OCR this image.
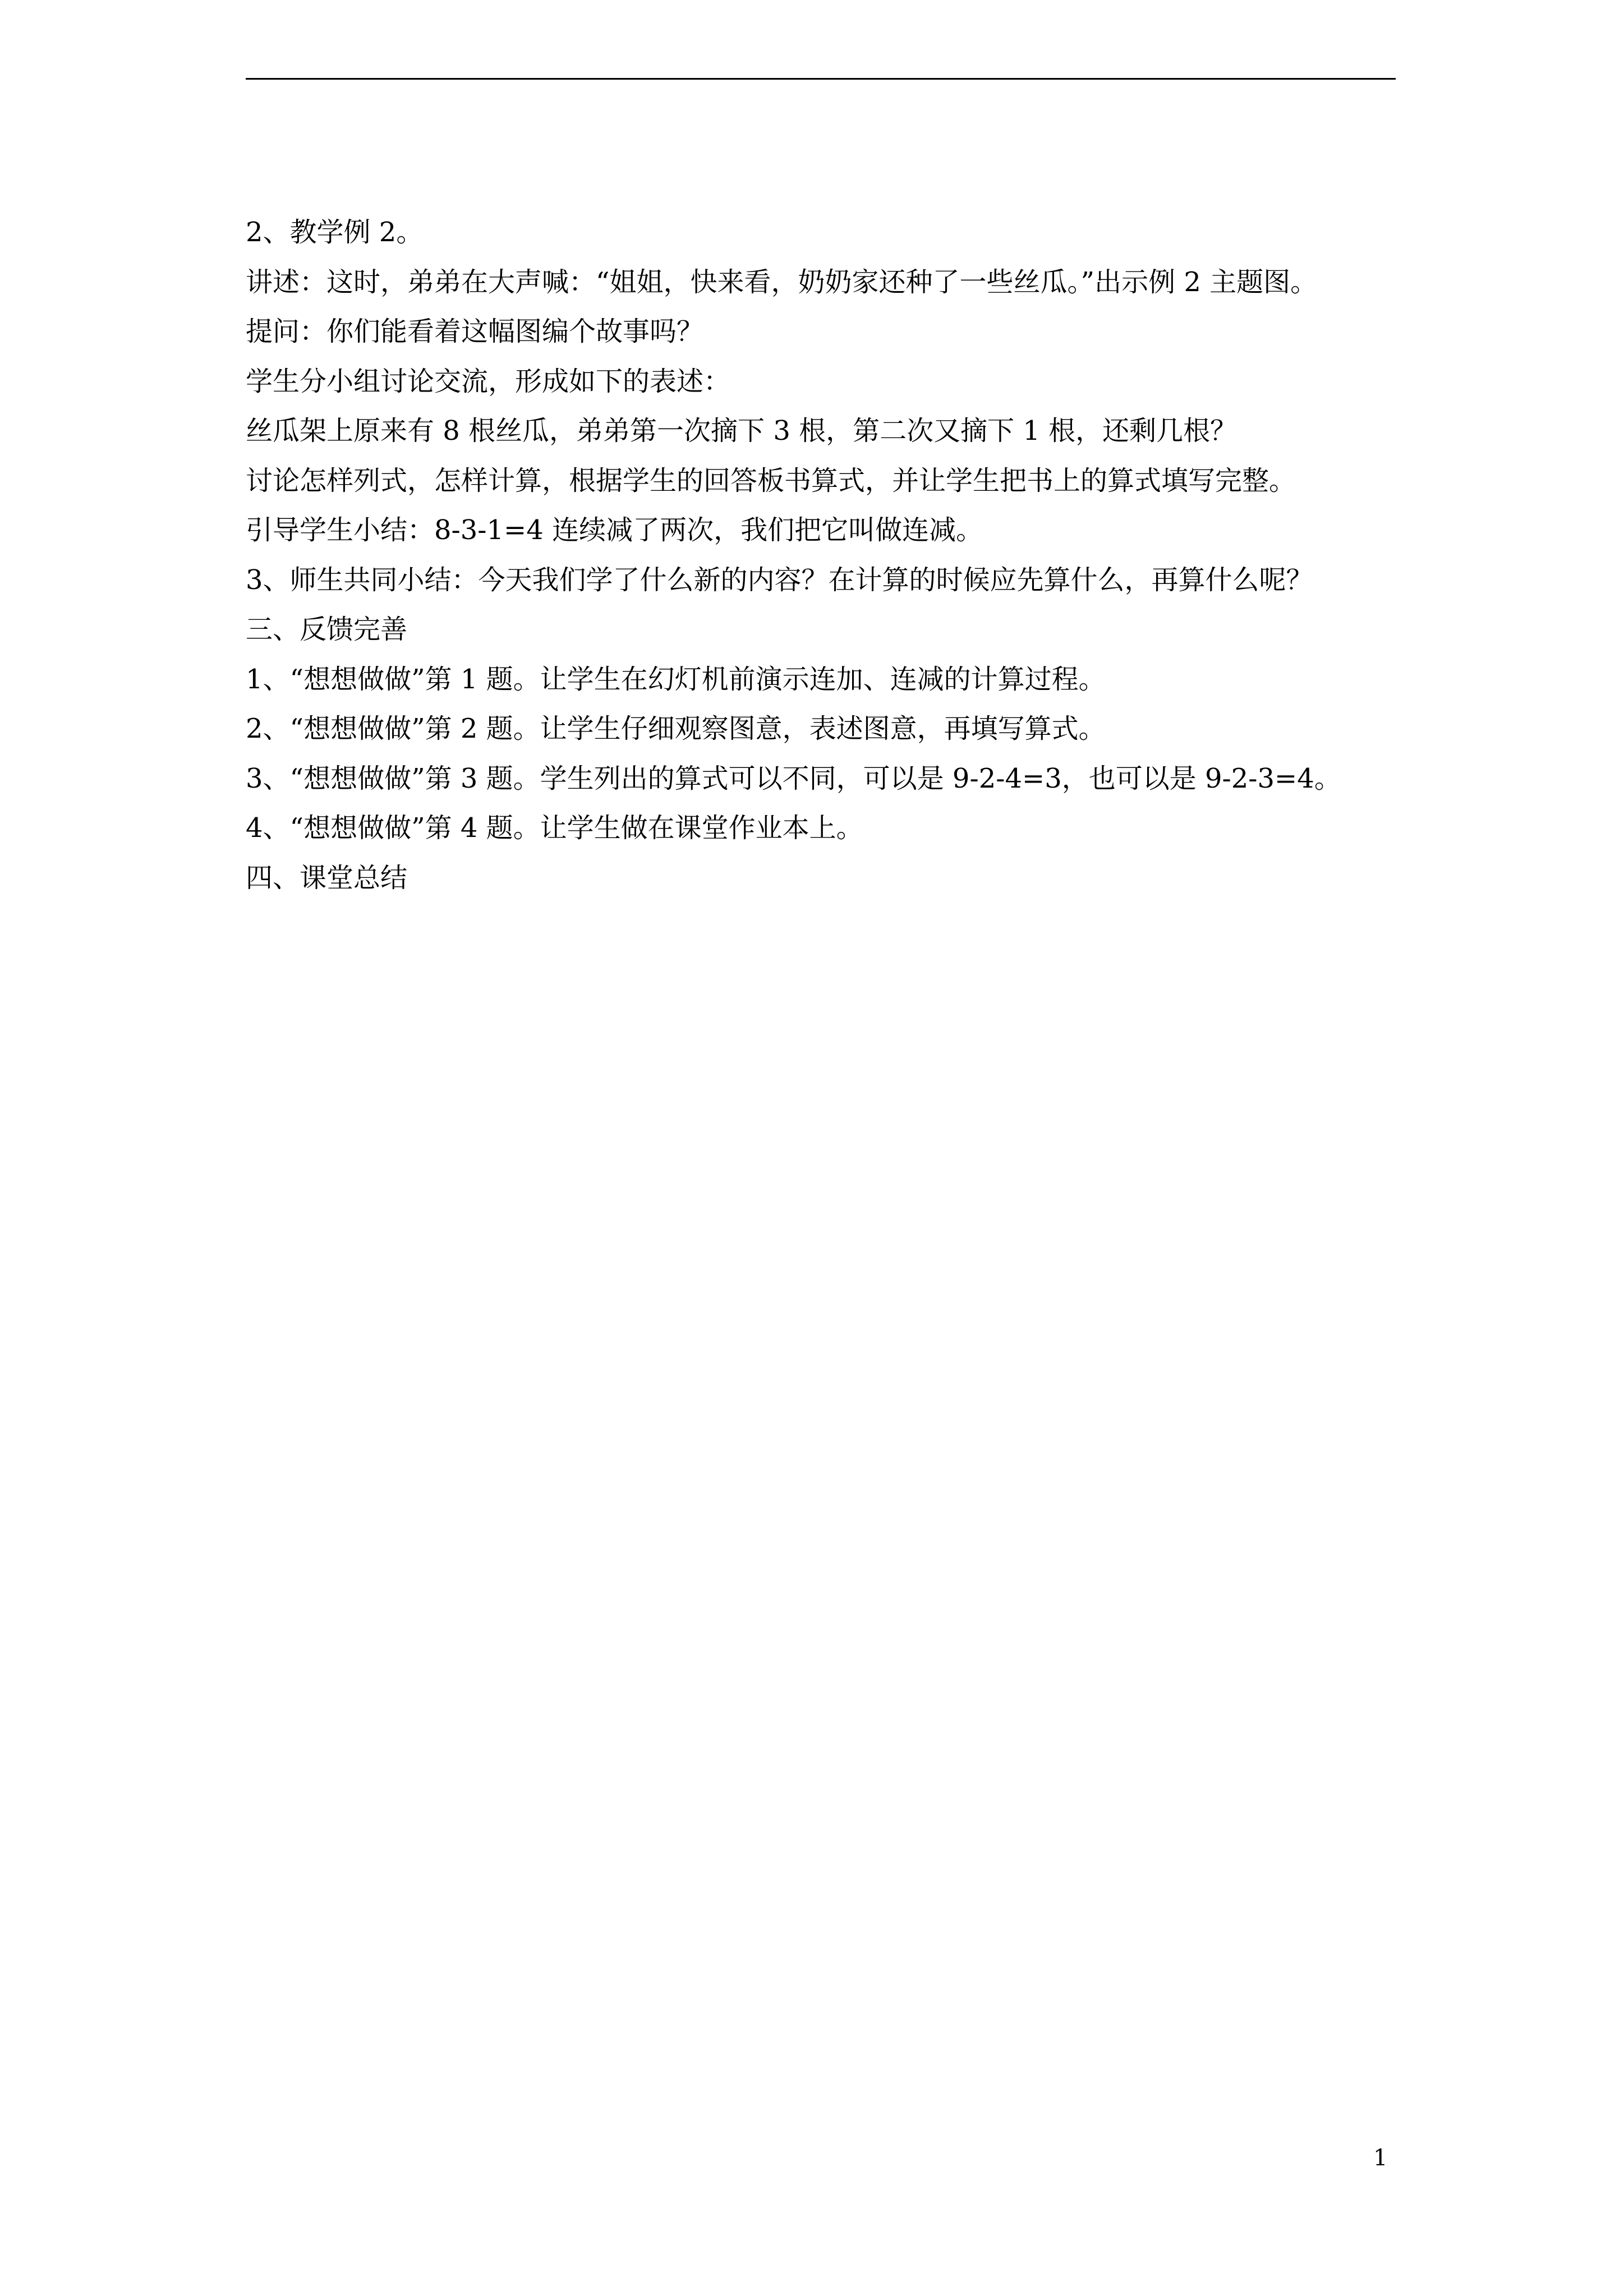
2、教学例 2。
讲述：这时，弟弟在大声喊：“姐姐，快来看，奶奶家还种了一些丝瓜。”出示例 2 主题图。
提问：你们能看着这幅图编个故事吗？
学生分小组讨论交流，形成如下的表述：
丝瓜架上原来有 8 根丝瓜，弟弟第一次摘下 3 根，第二次又摘下 1 根，还剩几根？
讨论怎样列式，怎样计算，根据学生的回答板书算式，并让学生把书上的算式填写完整。
引导学生小结：8-3-1=4 连续减了两次，我们把它叫做连减。
3、师生共同小结：今天我们学了什么新的内容？在计算的时候应先算什么，再算什么呢？
三、反馈完善
1、“想想做做”第 1 题。让学生在幻灯机前演示连加、连减的计算过程。
2、“想想做做”第 2 题。让学生仔细观察图意，表述图意，再填写算式。
3、“想想做做”第 3 题。学生列出的算式可以不同，可以是 9-2-4=3，也可以是 9-2-3=4。
4、“想想做做”第 4 题。让学生做在课堂作业本上。
四、课堂总结
1
